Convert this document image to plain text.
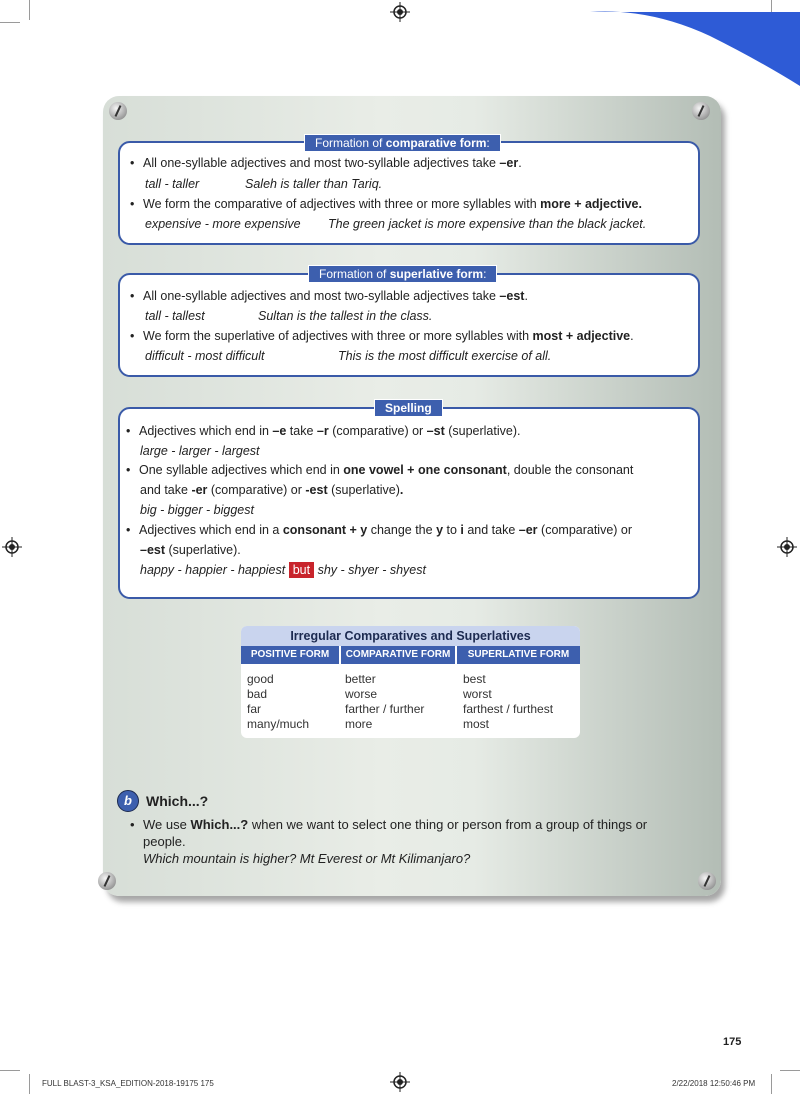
Formation of comparative form:
• All one-syllable adjectives and most two-syllable adjectives take –er.
tall - taller	Saleh is taller than Tariq.
• We form the comparative of adjectives with three or more syllables with more + adjective.
expensive - more expensive The green jacket is more expensive than the black jacket.
Formation of superlative form:
• All one-syllable adjectives and most two-syllable adjectives take –est.
tall - tallest	Sultan is the tallest in the class.
• We form the superlative of adjectives with three or more syllables with most + adjective.
difficult - most difficult	This is the most difficult exercise of all.
Spelling
• Adjectives which end in –e take –r (comparative) or –st (superlative).
large - larger - largest
• One syllable adjectives which end in one vowel + one consonant, double the consonant
and take -er (comparative) or -est (superlative).
big - bigger - biggest
• Adjectives which end in a consonant + y change the y to i and take –er (comparative) or
–est (superlative).
happy - happier - happiest but shy - shyer - shyest
Irregular Comparatives and Superlatives
POSITIVE FORM	COMPARATIVE FORM	SUPERLATIVE FORM
good	better	best
bad	worse	worst
far	farther / further	farthest / furthest
many/much	more	most
b	Which...?
• We use Which...? when we want to select one thing or person from a group of things or
people.
Which mountain is higher? Mt Everest or Mt Kilimanjaro?
175
FULL BLAST-3_KSA_EDITION-2018-19175 175	2/22/2018 12:50:46 PM
